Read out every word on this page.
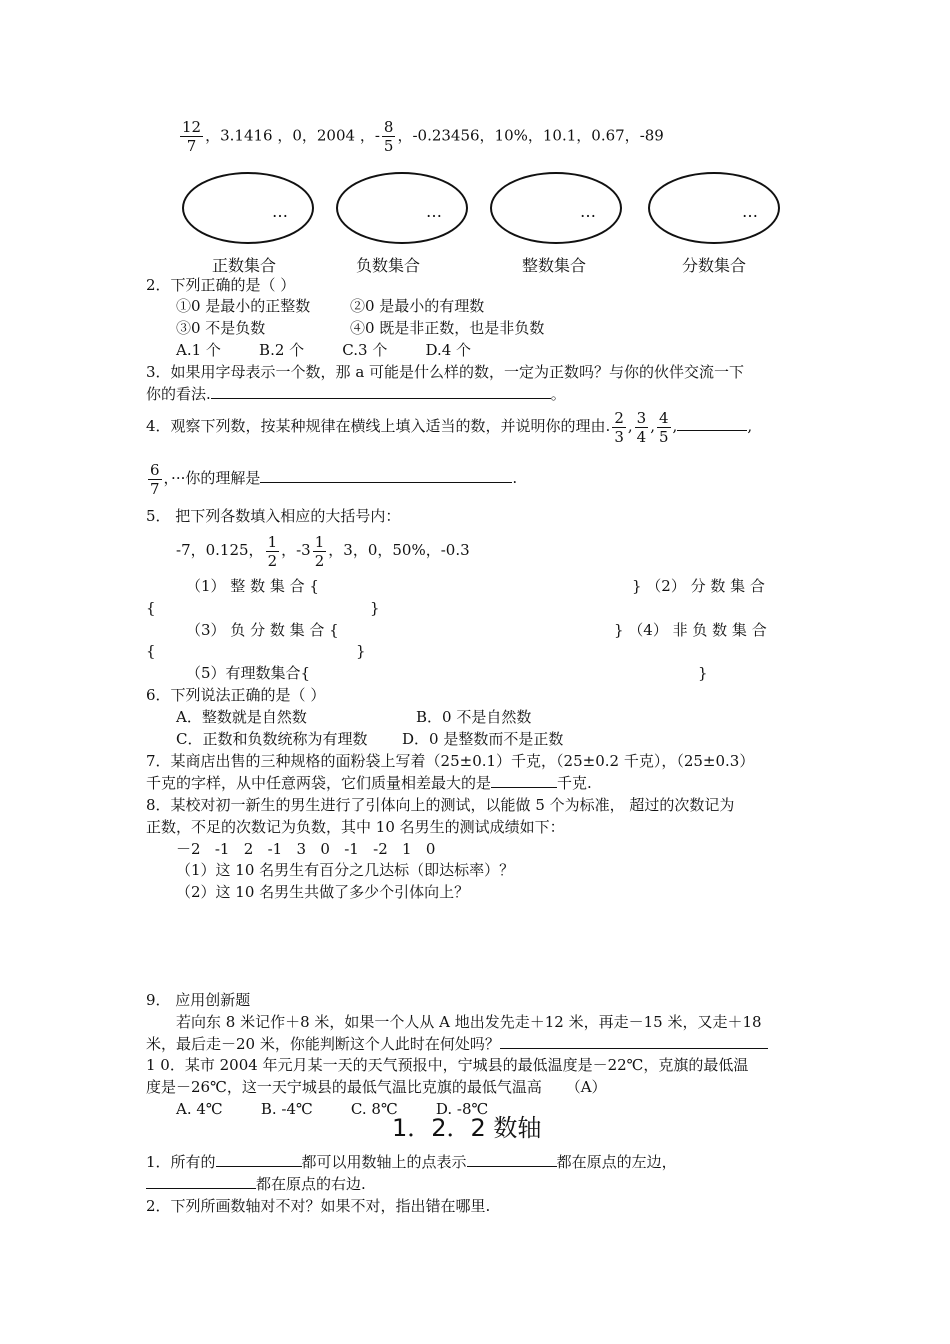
$\frac{12}{7}$ ，3.1416 ，0，2004 ，- $\frac{8}{5}$ ，-0.23456，10%，10.1，0.67，-89
…	…	…	…
正数集合	负数集合	整数集合	分数集合
2．下列正确的是（ ）
①0 是最小的正整数	②0 是最小的有理数
③0 不是负数	④0 既是非正数，也是非负数
A.1 个        B.2 个        C.3 个        D.4 个
3．如果用字母表示一个数，那 a 可能是什么样的数，一定为正数吗？与你的伙伴交流一下
你的看法.	。
4．观察下列数，按某种规律在横线上填入适当的数，并说明你的理由. $\frac{2}{3}$ , $\frac{3}{4}$ , $\frac{4}{5}$ ,	,
$\frac{6}{7}$ ，···你的理解是	.
5． 把下列各数填入相应的大括号内：
-7，0.125， $\frac{1}{2}$ ，$-3 \frac{1}{2}$ ，3，0，50%，-0.3
（1） 整 数 集 合 {	} （2） 分 数 集 合
{	}
（3） 负 分 数 集 合 {	} （4） 非 负 数 集 合
{	}
（5）有理数集合{	}
6．下列说法正确的是（ ）
A．整数就是自然数	B．0 不是自然数
C．正数和负数统称为有理数 D．0 是整数而不是正数
7．某商店出售的三种规格的面粉袋上写着（25±0.1）千克，（25±0.2 千克），（25±0.3）
千克的字样，从中任意两袋，它们质量相差最大的是	千克.
8．某校对初一新生的男生进行了引体向上的测试，以能做 5 个为标准， 超过的次数记为
正数，不足的次数记为负数，其中 10 名男生的测试成绩如下：
－2   -1   2   -1   3   0   -1   -2   1   0
（1）这 10 名男生有百分之几达标（即达标率）？
（2）这 10 名男生共做了多少个引体向上？
9． 应用创新题
若向东 8 米记作＋8 米，如果一个人从 A 地出发先走＋12 米，再走－15 米，又走＋18
米，最后走－20 米，你能判断这个人此时在何处吗？
1 0．某市 2004 年元月某一天的天气预报中，宁城县的最低温度是－22℃，克旗的最低温
度是－26℃，这一天宁城县的最低气温比克旗的最低气温高     （A）
A. 4℃        B. -4℃        C. 8℃        D. -8℃
1．2．2 数轴
1．所有的	都可以用数轴上的点表示	都在原点的左边，
都在原点的右边.
2．下列所画数轴对不对？如果不对，指出错在哪里.
